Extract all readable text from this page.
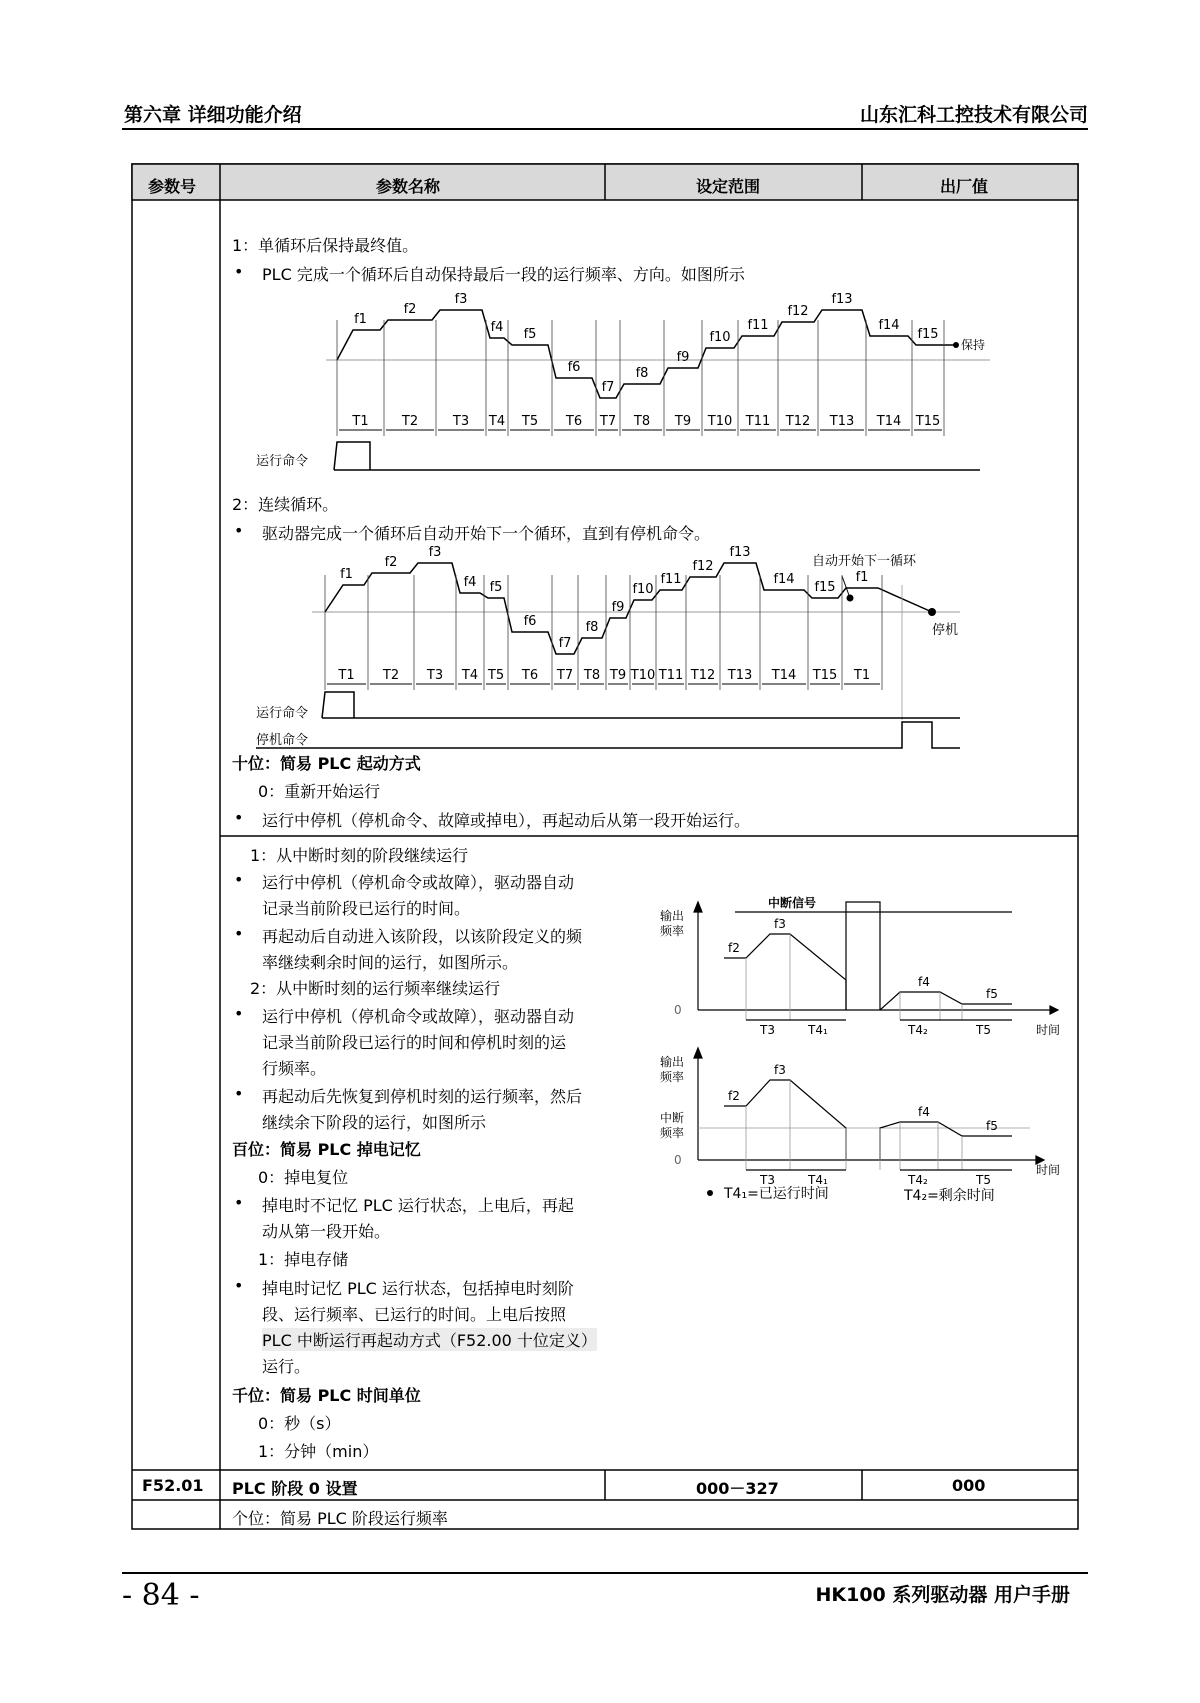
第六章 详细功能介绍	山东汇科工控技术有限公司
参数号	参数名称	设定范围	出厂值
1：单循环后保持最终值。
• PLC 完成一个循环后自动保持最后一段的运行频率、方向。如图所示
f1
T1
f2
T2
f3
T3
f4
T4
f5
T5
f6
T6
f7
T7
f8
T8
f9
T9
f10
T10
f11
T11
f12
T12
f13
T13
f14
T14
f15
T15
保持
运行命令
2：连续循环。
• 驱动器完成一个循环后自动开始下一个循环，直到有停机命令。
f1
T1
f2
T2
f3
T3
f4
T4
f5
T5
f6
T6
f7
T7
f8
T8
f9
T9
f10
T10
f11
T11
f12
T12
f13
T13
f14
T14
f15
T15
f1
T1
自动开始下一循环
停机
运行命令
停机命令
十位：简易 PLC 起动方式
0：重新开始运行
• 运行中停机（停机命令、故障或掉电），再起动后从第一段开始运行。
1：从中断时刻的阶段继续运行
• 运行中停机（停机命令或故障），驱动器自动
记录当前阶段已运行的时间。
• 再起动后自动进入该阶段，以该阶段定义的频
率继续剩余时间的运行，如图所示。
2：从中断时刻的运行频率继续运行
• 运行中停机（停机命令或故障），驱动器自动
记录当前阶段已运行的时间和停机时刻的运
行频率。
• 再起动后先恢复到停机时刻的运行频率，然后
继续余下阶段的运行，如图所示
百位：简易 PLC 掉电记忆
0：掉电复位
• 掉电时不记忆 PLC 运行状态，上电后，再起
动从第一段开始。
1：掉电存储
• 掉电时记忆 PLC 运行状态，包括掉电时刻阶
段、运行频率、已运行的时间。上电后按照
PLC 中断运行再起动方式（F52.00 十位定义）
运行。
千位：简易 PLC 时间单位
0：秒（s）
1：分钟（min）
输出
频率
中断信号
0
f2
f3
f4
f5
T3	T4₁	T4₂	T5	时间
输出
频率
中断
频率
0
f2
f3
f4
f5
T3	T4₁	T4₂	T5
时间
T4₁=已运行时间	T4₂=剩余时间
F52.01 PLC 阶段 0 设置	000－327	000
个位：简易 PLC 阶段运行频率
- 84 -	HK100 系列驱动器 用户手册
